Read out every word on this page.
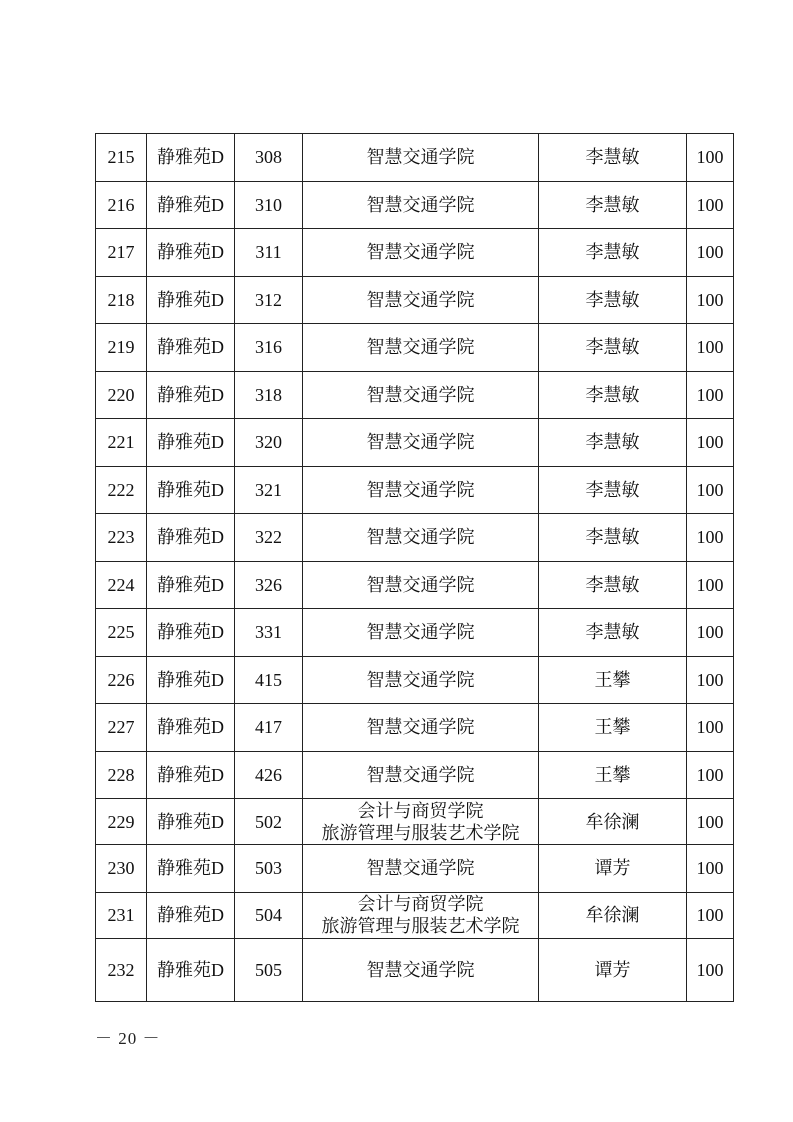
215	静雅苑D	308	智慧交通学院	李慧敏	100
216	静雅苑D	310	智慧交通学院	李慧敏	100
217	静雅苑D	311	智慧交通学院	李慧敏	100
218	静雅苑D	312	智慧交通学院	李慧敏	100
219	静雅苑D	316	智慧交通学院	李慧敏	100
220	静雅苑D	318	智慧交通学院	李慧敏	100
221	静雅苑D	320	智慧交通学院	李慧敏	100
222	静雅苑D	321	智慧交通学院	李慧敏	100
223	静雅苑D	322	智慧交通学院	李慧敏	100
224	静雅苑D	326	智慧交通学院	李慧敏	100
225	静雅苑D	331	智慧交通学院	李慧敏	100
226	静雅苑D	415	智慧交通学院	王攀	100
227	静雅苑D	417	智慧交通学院	王攀	100
228	静雅苑D	426	智慧交通学院	王攀	100
229	静雅苑D	502	会计与商贸学院
旅游管理与服装艺术学院	牟徐澜	100
230	静雅苑D	503	智慧交通学院	谭芳	100
231	静雅苑D	504	会计与商贸学院
旅游管理与服装艺术学院	牟徐澜	100
232	静雅苑D	505	智慧交通学院	谭芳	100
－ 20 －
